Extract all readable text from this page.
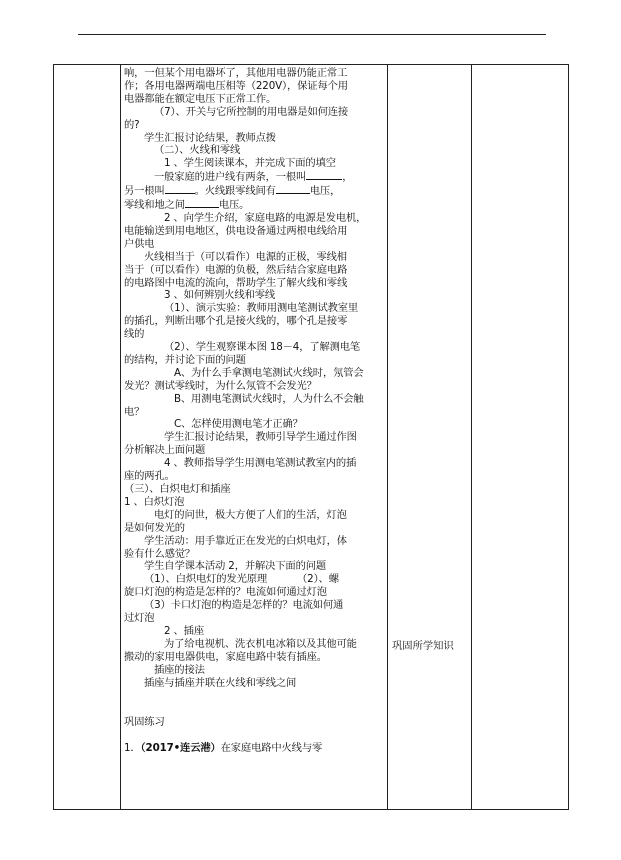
响，一但某个用电器坏了，其他用电器仍能正常工

作；各用电器两端电压相等（220V），保证每个用

电器都能在额定电压下正常工作。

（7）、开关与它所控制的用电器是如何连接

的?

学生汇报讨论结果，教师点拨

（二）、火线和零线

1 、学生阅读课本，并完成下面的填空

一般家庭的进户线有两条，一根叫	，

另一根叫	。火线跟零线间有	电压，

零线和地之间	电压。

2 、向学生介绍，家庭电路的电源是发电机，

电能输送到用电地区，供电设备通过两根电线给用

户供电

火线相当于（可以看作）电源的正极，零线相

当于（可以看作）电源的负极，然后结合家庭电路

的电路图中电流的流向，帮助学生了解火线和零线

3 、如何辨别火线和零线

（1）、演示实验：教师用测电笔测试教室里

的插孔，判断出哪个孔是接火线的，哪个孔是接零

线的

（2）、学生观察课本图 18－4，了解测电笔

的结构，并讨论下面的问题

A、为什么手拿测电笔测试火线时，氖管会

发光？测试零线时，为什么氖管不会发光？

B、用测电笔测试火线时，人为什么不会触

电？

C、怎样使用测电笔才正确？

学生汇报讨论结果，教师引导学生通过作图

分析解决上面问题

4 、教师指导学生用测电笔测试教室内的插

座的两孔。

（三）、白炽电灯和插座

1 、白炽灯泡

电灯的问世，极大方便了人们的生活，灯泡

是如何发光的

学生活动：用手靠近正在发光的白炽电灯，体

验有什么感觉？

学生自学课本活动 2，并解决下面的问题

（1）、白炽电灯的发光原理	（2）、螺

旋口灯泡的构造是怎样的？电流如何通过灯泡

（3）卡口灯泡的构造是怎样的？电流如何通

过灯泡

2 、插座

为了给电视机、洗衣机电冰箱以及其他可能

搬动的家用电器供电，家庭电路中装有插座。

插座的接法

插座与插座并联在火线和零线之间

巩固练习

1．（2017•连云港）在家庭电路中火线与零

巩固所学知识
